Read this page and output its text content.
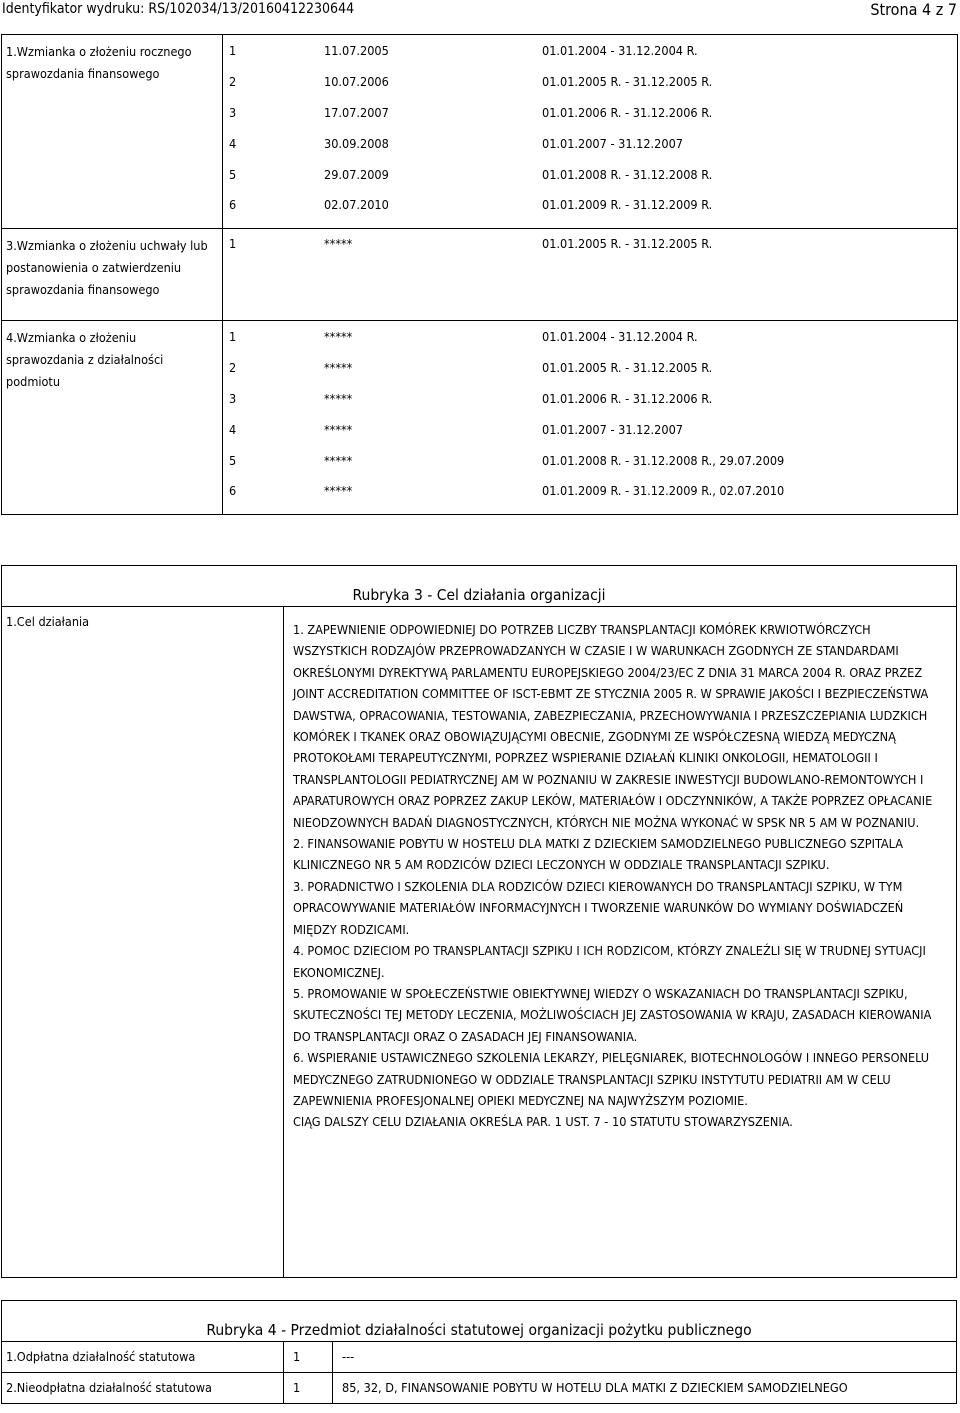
Identyfikator wydruku: RS/102034/13/20160412230644	Strona 4 z 7
1.Wzmianka o złożeniu rocznego sprawozdania finansowego	
1	11.07.2005	01.01.2004 - 31.12.2004 R.
2	10.07.2006	01.01.2005 R. - 31.12.2005 R.
3	17.07.2007	01.01.2006 R. - 31.12.2006 R.
4	30.09.2008	01.01.2007 - 31.12.2007
5	29.07.2009	01.01.2008 R. - 31.12.2008 R.
6	02.07.2010	01.01.2009 R. - 31.12.2009 R.

3.Wzmianka o złożeniu uchwały lub postanowienia o zatwierdzeniu sprawozdania finansowego	
1	*****	01.01.2005 R. - 31.12.2005 R.

4.Wzmianka o złożeniu sprawozdania z działalności podmiotu	
1	*****	01.01.2004 - 31.12.2004 R.
2	*****	01.01.2005 R. - 31.12.2005 R.
3	*****	01.01.2006 R. - 31.12.2006 R.
4	*****	01.01.2007 - 31.12.2007
5	*****	01.01.2008 R. - 31.12.2008 R., 29.07.2009
6	*****	01.01.2009 R. - 31.12.2009 R., 02.07.2010
Rubryka 3 - Cel działania organizacji
1.Cel działania

1. ZAPEWNIENIE ODPOWIEDNIEJ DO POTRZEB LICZBY TRANSPLANTACJI KOMÓREK KRWIOTWÓRCZYCH WSZYSTKICH RODZAJÓW PRZEPROWADZANYCH W CZASIE I W WARUNKACH ZGODNYCH ZE STANDARDAMI OKREŚLONYMI DYREKTYWĄ PARLAMENTU EUROPEJSKIEGO 2004/23/EC Z DNIA 31 MARCA 2004 R. ORAZ PRZEZ JOINT ACCREDITATION COMMITTEE OF ISCT-EBMT ZE STYCZNIA 2005 R. W SPRAWIE JAKOŚCI I BEZPIECZEŃSTWA DAWSTWA, OPRACOWANIA, TESTOWANIA, ZABEZPIECZANIA, PRZECHOWYWANIA I PRZESZCZEPIANIA LUDZKICH KOMÓREK I TKANEK ORAZ OBOWIĄZUJĄCYMI OBECNIE, ZGODNYMI ZE WSPÓŁCZESNĄ WIEDZĄ MEDYCZNĄ PROTOKOŁAMI TERAPEUTYCZNYMI, POPRZEZ WSPIERANIE DZIAŁAŃ KLINIKI ONKOLOGII, HEMATOLOGII I TRANSPLANTOLOGII PEDIATRYCZNEJ AM W POZNANIU W ZAKRESIE INWESTYCJI BUDOWLANO-REMONTOWYCH I APARATUROWYCH ORAZ POPRZEZ ZAKUP LEKÓW, MATERIAŁÓW I ODCZYNNIKÓW, A TAKŻE POPRZEZ OPŁACANIE NIEODZOWNYCH BADAŃ DIAGNOSTYCZNYCH, KTÓRYCH NIE MOŻNA WYKONAĆ W SPSK NR 5 AM W POZNANIU.

2. FINANSOWANIE POBYTU W HOSTELU DLA MATKI Z DZIECKIEM SAMODZIELNEGO PUBLICZNEGO SZPITALA KLINICZNEGO NR 5 AM RODZICÓW DZIECI LECZONYCH W ODDZIALE TRANSPLANTACJI SZPIKU.

3. PORADNICTWO I SZKOLENIA DLA RODZICÓW DZIECI KIEROWANYCH DO TRANSPLANTACJI SZPIKU, W TYM OPRACOWYWANIE MATERIAŁÓW INFORMACYJNYCH I TWORZENIE WARUNKÓW DO WYMIANY DOŚWIADCZEŃ MIĘDZY RODZICAMI.

4. POMOC DZIECIOM PO TRANSPLANTACJI SZPIKU I ICH RODZICOM, KTÓRZY ZNALEŹLI SIĘ W TRUDNEJ SYTUACJI EKONOMICZNEJ.

5. PROMOWANIE W SPOŁECZEŃSTWIE OBIEKTYWNEJ WIEDZY O WSKAZANIACH DO TRANSPLANTACJI SZPIKU, SKUTECZNOŚCI TEJ METODY LECZENIA, MOŻLIWOŚCIACH JEJ ZASTOSOWANIA W KRAJU, ZASADACH KIEROWANIA DO TRANSPLANTACJI ORAZ O ZASADACH JEJ FINANSOWANIA.

6. WSPIERANIE USTAWICZNEGO SZKOLENIA LEKARZY, PIELĘGNIAREK, BIOTECHNOLOGÓW I INNEGO PERSONELU MEDYCZNEGO ZATRUDNIONEGO W ODDZIALE TRANSPLANTACJI SZPIKU INSTYTUTU PEDIATRII AM W CELU ZAPEWNIENIA PROFESJONALNEJ OPIEKI MEDYCZNEJ NA NAJWYŻSZYM POZIOMIE.

CIĄG DALSZY CELU DZIAŁANIA OKREŚLA PAR. 1 UST. 7 - 10 STATUTU STOWARZYSZENIA.

Rubryka 4 - Przedmiot działalności statutowej organizacji pożytku publicznego
1.Odpłatna działalność statutowa	1	---
2.Nieodpłatna działalność statutowa	1	85, 32, D, FINANSOWANIE POBYTU W HOTELU DLA MATKI Z DZIECKIEM SAMODZIELNEGO
